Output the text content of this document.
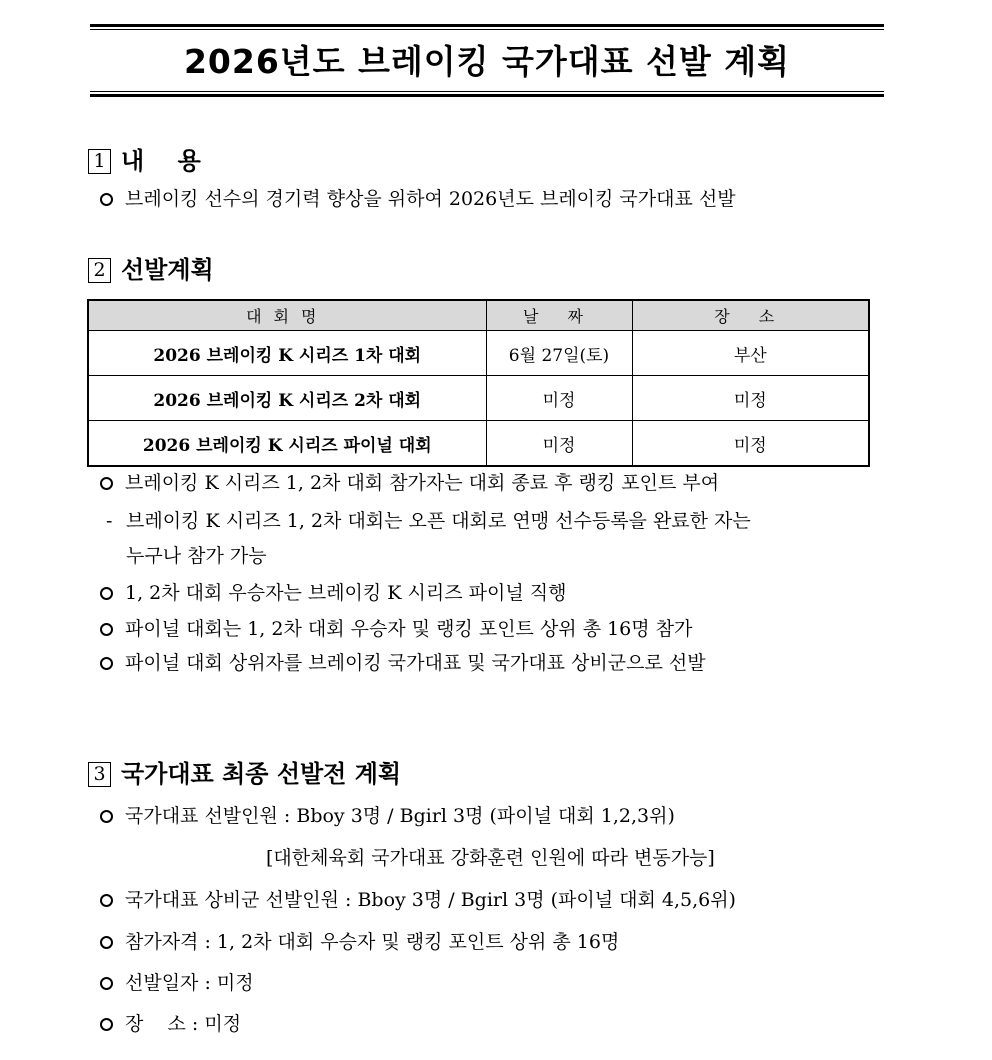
2026년도 브레이킹 국가대표 선발 계획
1 내    용
브레이킹 선수의 경기력 향상을 위하여 2026년도 브레이킹 국가대표 선발
2 선발계획
대회명	날 짜	장 소
2026 브레이킹 K 시리즈 1차 대회	6월 27일(토)	부산
2026 브레이킹 K 시리즈 2차 대회	미정	미정
2026 브레이킹 K 시리즈 파이널 대회	미정	미정
브레이킹 K 시리즈 1, 2차 대회 참가자는 대회 종료 후 랭킹 포인트 부여
- 브레이킹 K 시리즈 1, 2차 대회는 오픈 대회로 연맹 선수등록을 완료한 자는
누구나 참가 가능
1, 2차 대회 우승자는 브레이킹 K 시리즈 파이널 직행
파이널 대회는 1, 2차 대회 우승자 및 랭킹 포인트 상위 총 16명 참가
파이널 대회 상위자를 브레이킹 국가대표 및 국가대표 상비군으로 선발
3 국가대표 최종 선발전 계획
국가대표 선발인원 : Bboy 3명 / Bgirl 3명 (파이널 대회 1,2,3위)
[대한체육회 국가대표 강화훈련 인원에 따라 변동가능]
국가대표 상비군 선발인원 : Bboy 3명 / Bgirl 3명 (파이널 대회 4,5,6위)
참가자격 : 1, 2차 대회 우승자 및 랭킹 포인트 상위 총 16명
선발일자 : 미정
장    소 : 미정
